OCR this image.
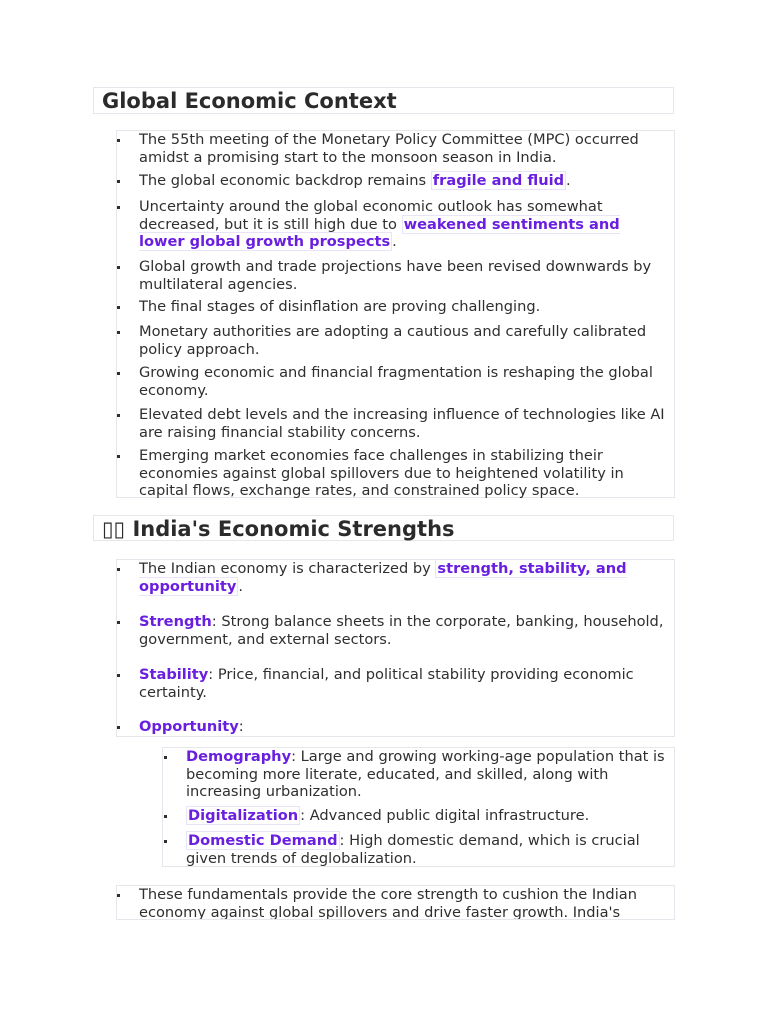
Global Economic Context
The 55th meeting of the Monetary Policy Committee (MPC) occurred amidst a promising start to the monsoon season in India.
The global economic backdrop remains fragile and fluid .
Uncertainty around the global economic outlook has somewhat decreased, but it is still high due to weakened sentiments and lower global growth prospects .
Global growth and trade projections have been revised downwards by multilateral agencies.
The final stages of disinflation are proving challenging.
Monetary authorities are adopting a cautious and carefully calibrated policy approach.
Growing economic and financial fragmentation is reshaping the global economy.
Elevated debt levels and the increasing influence of technologies like AI are raising financial stability concerns.
Emerging market economies face challenges in stabilizing their economies against global spillovers due to heightened volatility in capital flows, exchange rates, and constrained policy space.
▯▯ India's Economic Strengths
The Indian economy is characterized by strength, stability, and opportunity .
Strength: Strong balance sheets in the corporate, banking, household, government, and external sectors.
Stability: Price, financial, and political stability providing economic certainty.
Opportunity:
Demography: Large and growing working-age population that is becoming more literate, educated, and skilled, along with increasing urbanization.
Digitalization : Advanced public digital infrastructure.
Domestic Demand : High domestic demand, which is crucial given trends of deglobalization.
These fundamentals provide the core strength to cushion the Indian economy against global spillovers and drive faster growth. India's
